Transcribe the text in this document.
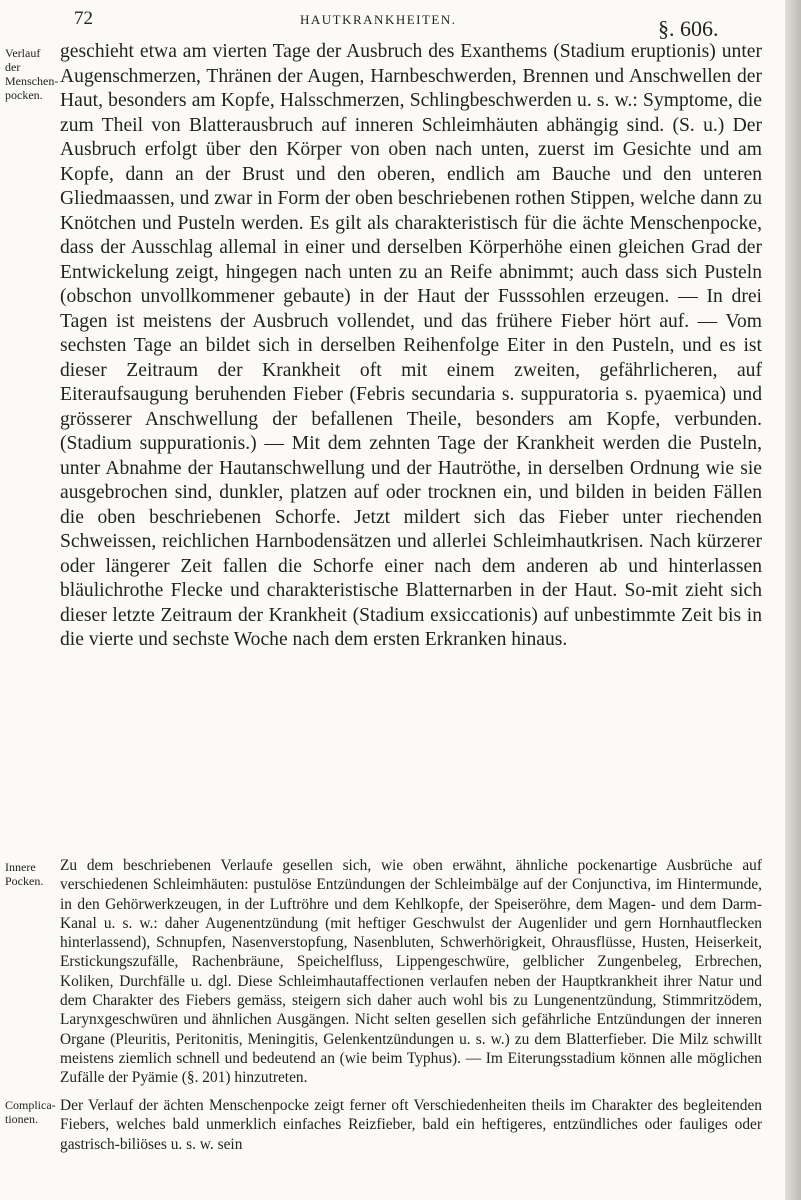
72	HAUTKRANKHEITEN.	§. 606.
Verlauf der Menschen-pocken.

geschieht etwa am vierten Tage der Ausbruch des Exanthems (Stadium eruptionis) unter Augenschmerzen, Thränen der Augen, Harnbeschwerden, Brennen und Anschwellen der Haut, besonders am Kopfe, Halsschmerzen, Schlingbeschwerden u. s. w.: Symptome, die zum Theil von Blatterausbruch auf inneren Schleimhäuten abhängig sind. (S. u.) Der Ausbruch erfolgt über den Körper von oben nach unten, zuerst im Gesichte und am Kopfe, dann an der Brust und den oberen, endlich am Bauche und den unteren Gliedmaassen, und zwar in Form der oben beschriebenen rothen Stippen, welche dann zu Knötchen und Pusteln werden. Es gilt als charakteristisch für die ächte Menschenpocke, dass der Ausschlag allemal in einer und derselben Körperhöhe einen gleichen Grad der Entwickelung zeigt, hingegen nach unten zu an Reife abnimmt; auch dass sich Pusteln (obschon unvollkommener gebaute) in der Haut der Fusssohlen erzeugen. — In drei Tagen ist meistens der Ausbruch vollendet, und das frühere Fieber hört auf. — Vom sechsten Tage an bildet sich in derselben Reihenfolge Eiter in den Pusteln, und es ist dieser Zeitraum der Krankheit oft mit einem zweiten, gefährlicheren, auf Eiteraufsaugung beruhenden Fieber (Febris secundaria s. suppuratoria s. pyaemica) und grösserer Anschwellung der befallenen Theile, besonders am Kopfe, verbunden. (Stadium suppurationis.) — Mit dem zehnten Tage der Krankheit werden die Pusteln, unter Abnahme der Hautanschwellung und der Hautröthe, in derselben Ordnung wie sie ausgebrochen sind, dunkler, platzen auf oder trocknen ein, und bilden in beiden Fällen die oben beschriebenen Schorfe. Jetzt mildert sich das Fieber unter riechenden Schweissen, reichlichen Harnbodensätzen und allerlei Schleimhautkrisen. Nach kürzerer oder längerer Zeit fallen die Schorfe einer nach dem anderen ab und hinterlassen bläulichrothe Flecke und charakteristische Blatternarben in der Haut. So-mit zieht sich dieser letzte Zeitraum der Krankheit (Stadium exsiccationis) auf unbestimmte Zeit bis in die vierte und sechste Woche nach dem ersten Erkranken hinaus.

Innere Pocken.

Zu dem beschriebenen Verlaufe gesellen sich, wie oben erwähnt, ähnliche pockenartige Ausbrüche auf verschiedenen Schleimhäuten: pustulöse Entzündungen der Schleimbälge auf der Conjunctiva, im Hintermunde, in den Gehörwerkzeugen, in der Luftröhre und dem Kehlkopfe, der Speiseröhre, dem Magen- und dem Darm-Kanal u. s. w.: daher Augenentzündung (mit heftiger Geschwulst der Augenlider und gern Hornhautflecken hinterlassend), Schnupfen, Nasenverstopfung, Nasenbluten, Schwerhörigkeit, Ohrausflüsse, Husten, Heiserkeit, Erstickungszufälle, Rachenbräune, Speichelfluss, Lippengeschwüre, gelblicher Zungenbeleg, Erbrechen, Koliken, Durchfälle u. dgl. Diese Schleimhautaffectionen verlaufen neben der Hauptkrankheit ihrer Natur und dem Charakter des Fiebers gemäss, steigern sich daher auch wohl bis zu Lungenentzündung, Stimmritzödem, Larynxgeschwüren und ähnlichen Ausgängen. Nicht selten gesellen sich gefährliche Entzündungen der inneren Organe (Pleuritis, Peritonitis, Meningitis, Gelenkentzündungen u. s. w.) zu dem Blatterfieber. Die Milz schwillt meistens ziemlich schnell und bedeutend an (wie beim Typhus). — Im Eiterungsstadium können alle möglichen Zufälle der Pyämie (§. 201) hinzutreten.

Complica-tionen.

Der Verlauf der ächten Menschenpocke zeigt ferner oft Verschiedenheiten theils im Charakter des begleitenden Fiebers, welches bald unmerklich einfaches Reizfieber, bald ein heftigeres, entzündliches oder fauliges oder gastrisch-biliöses u. s. w. sein
